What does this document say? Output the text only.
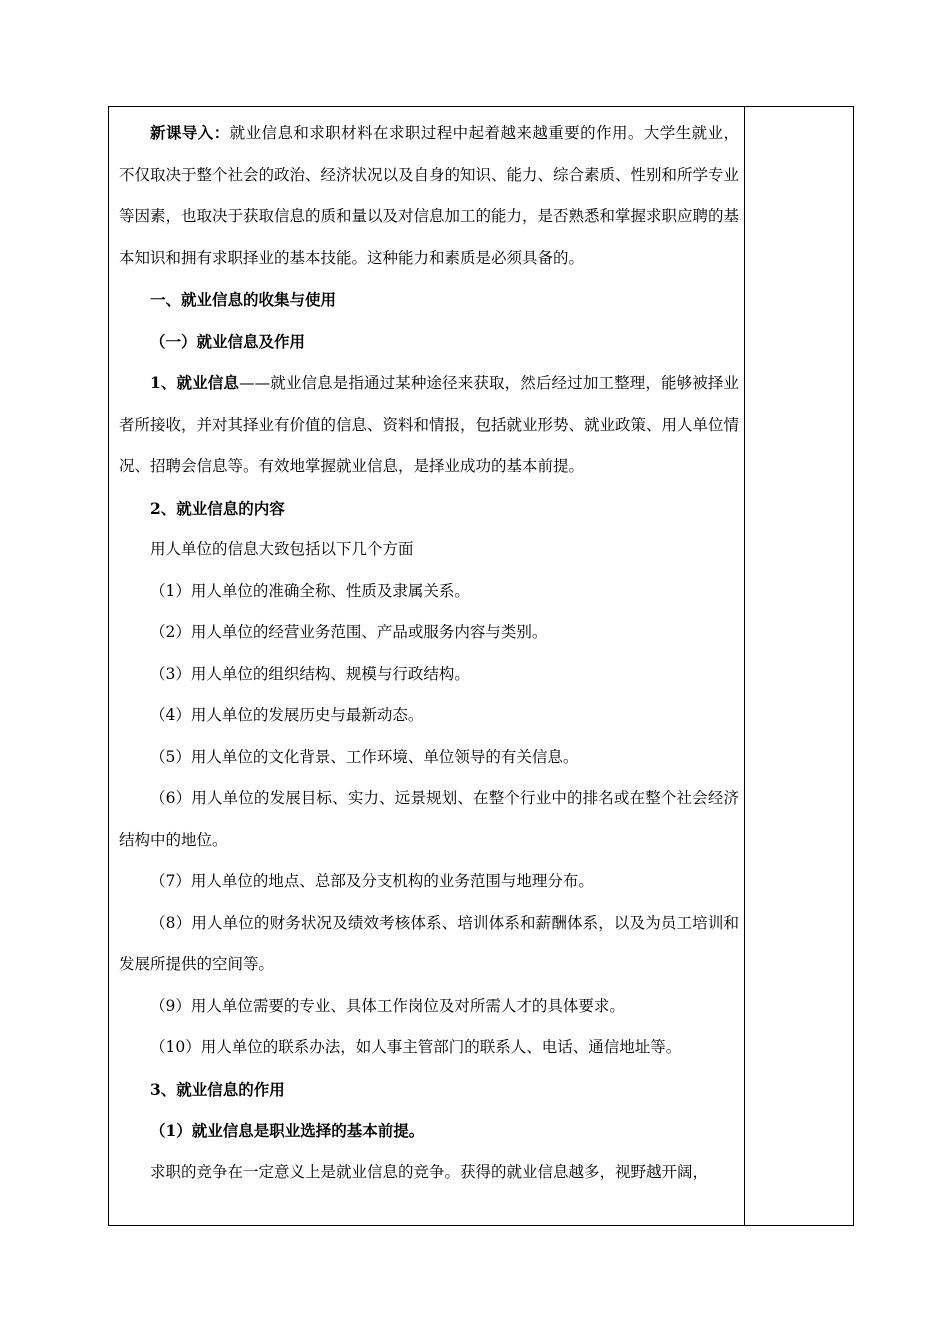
新课导入：就业信息和求职材料在求职过程中起着越来越重要的作用。大学生就业，不仅取决于整个社会的政治、经济状况以及自身的知识、能力、综合素质、性别和所学专业等因素，也取决于获取信息的质和量以及对信息加工的能力，是否熟悉和掌握求职应聘的基本知识和拥有求职择业的基本技能。这种能力和素质是必须具备的。

一、就业信息的收集与使用

（一）就业信息及作用

1、就业信息——就业信息是指通过某种途径来获取，然后经过加工整理，能够被择业者所接收，并对其择业有价值的信息、资料和情报，包括就业形势、就业政策、用人单位情况、招聘会信息等。有效地掌握就业信息，是择业成功的基本前提。

2、就业信息的内容

用人单位的信息大致包括以下几个方面

（1）用人单位的准确全称、性质及隶属关系。

（2）用人单位的经营业务范围、产品或服务内容与类别。

（3）用人单位的组织结构、规模与行政结构。

（4）用人单位的发展历史与最新动态。

（5）用人单位的文化背景、工作环境、单位领导的有关信息。

（6）用人单位的发展目标、实力、远景规划、在整个行业中的排名或在整个社会经济结构中的地位。

（7）用人单位的地点、总部及分支机构的业务范围与地理分布。

（8）用人单位的财务状况及绩效考核体系、培训体系和薪酬体系，以及为员工培训和发展所提供的空间等。

（9）用人单位需要的专业、具体工作岗位及对所需人才的具体要求。

（10）用人单位的联系办法，如人事主管部门的联系人、电话、通信地址等。

3、就业信息的作用

（1）就业信息是职业选择的基本前提。

求职的竞争在一定意义上是就业信息的竞争。获得的就业信息越多，视野越开阔，
